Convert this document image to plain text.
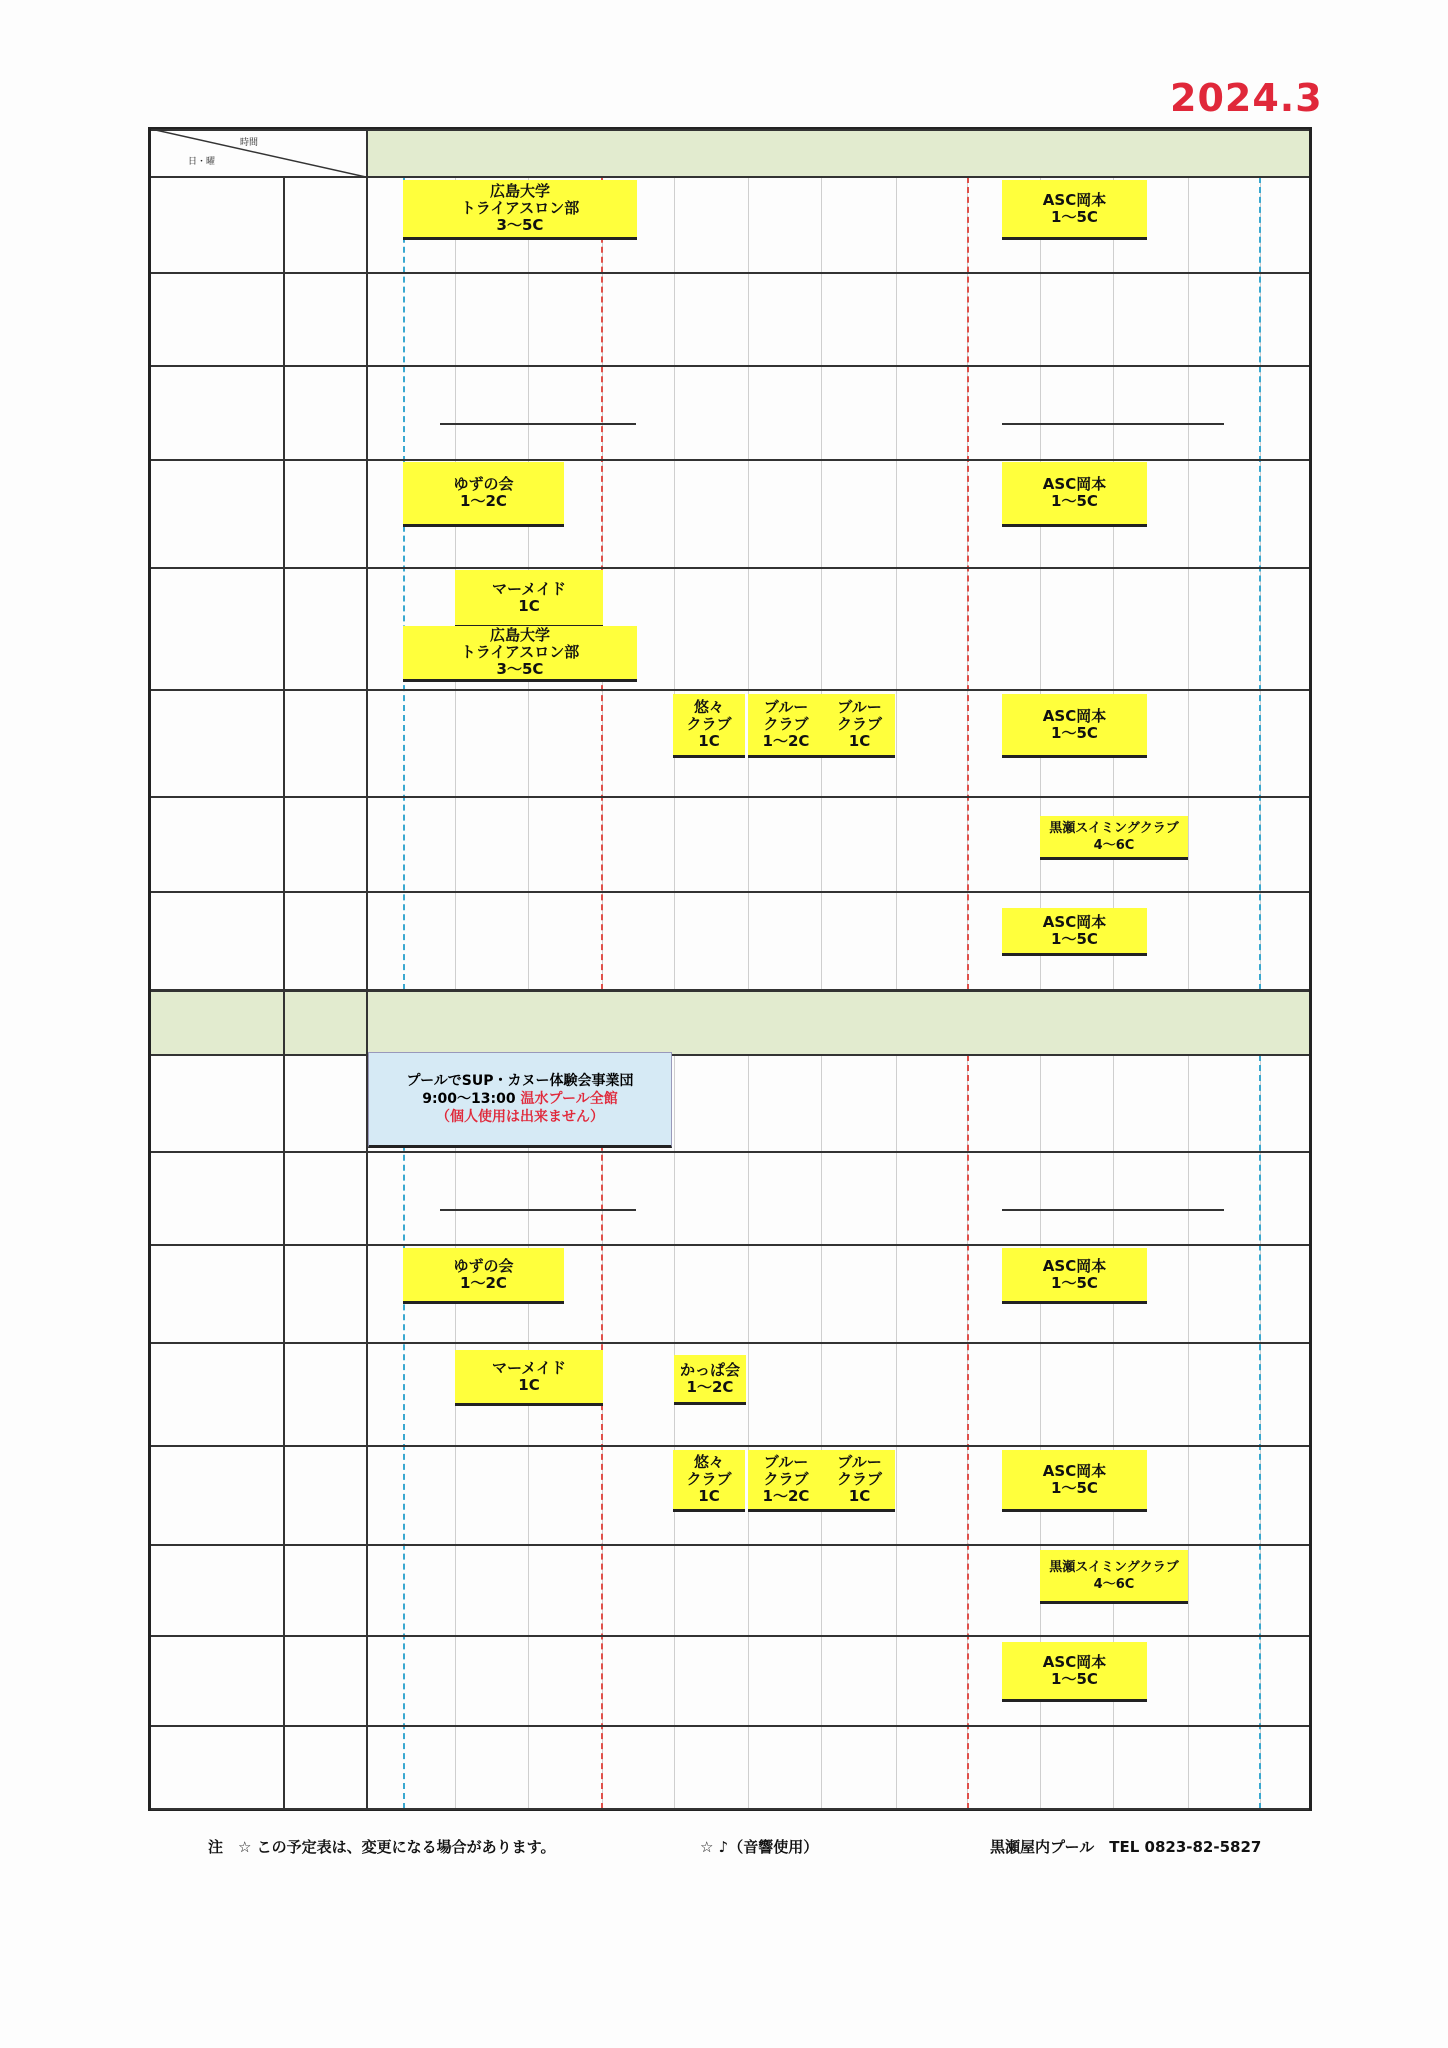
2024.3
時間
日・曜
広島大学
トライアスロン部
3～5C
ASC岡本
1～5C
ゆずの会
1～2C
ASC岡本
1～5C
マーメイド
1C
広島大学
トライアスロン部
3～5C
悠々
クラブ
1C
ブルー
クラブ
1～2C
ブルー
クラブ
1C
ASC岡本
1～5C
黒瀬スイミングクラブ
4～6C
ASC岡本
1～5C
ゆずの会
1～2C
ASC岡本
1～5C
マーメイド
1C
かっぱ会
1～2C
悠々
クラブ
1C
ブルー
クラブ
1～2C
ブルー
クラブ
1C
ASC岡本
1～5C
黒瀬スイミングクラブ
4～6C
ASC岡本
1～5C
プールでSUP・カヌー体験会事業団
9:00～13:00 温水プール全館
（個人使用は出来ません）
注　☆ この予定表は、変更になる場合があります。	☆ ♪（音響使用）	黒瀬屋内プール　TEL 0823-82-5827
